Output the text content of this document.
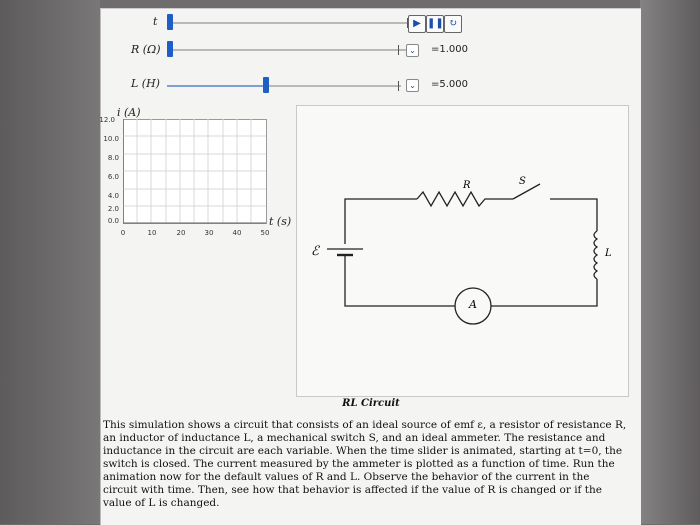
t	▶ ❚❚ ↻
R (Ω)	⌄	=1.000
L (H)	⌄	=5.000
i (A)
12.0
10.0
8.0
6.0
4.0
2.0
0.0
0	10	20	30	40	50
t (s)
ℰ
R	S
L
A
RL Circuit
This simulation shows a circuit that consists of an ideal source of emf ε, a resistor of resistance R, an inductor of inductance L, a mechanical switch S, and an ideal ammeter. The resistance and inductance in the circuit are each variable. When the time slider is animated, starting at t=0, the switch is closed. The current measured by the ammeter is plotted as a function of time. Run the animation now for the default values of R and L. Observe the behavior of the current in the circuit with time. Then, see how that behavior is affected if the value of R is changed or if the value of L is changed.
